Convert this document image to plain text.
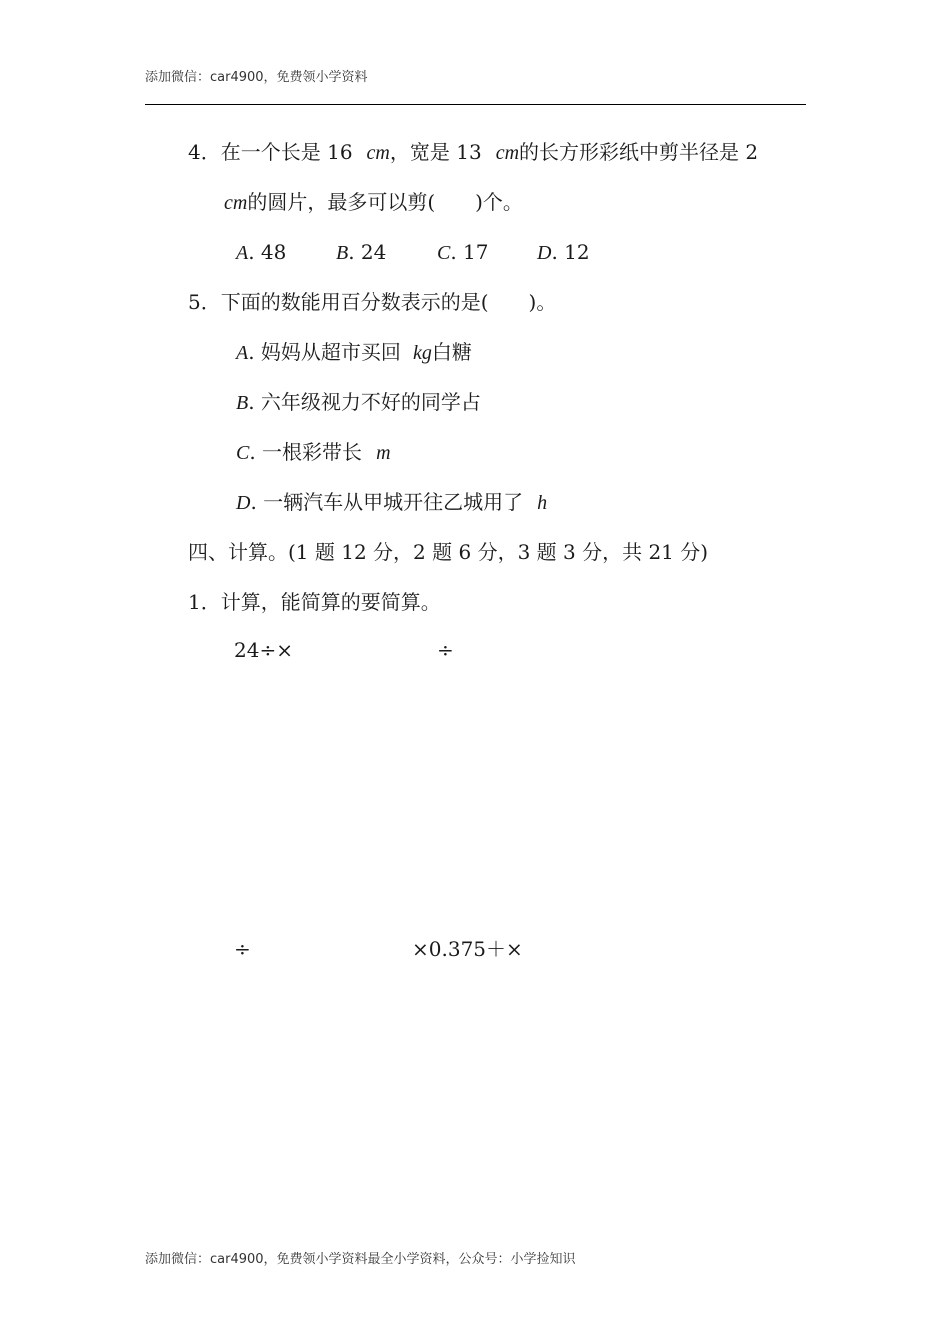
添加微信：car4900，免费领小学资料
4．在一个长是 16 cm，宽是 13 cm的长方形彩纸中剪半径是 2
cm的圆片，最多可以剪(　　)个。
A. 48 B. 24	C. 17 D. 12
5．下面的数能用百分数表示的是(　　)。
A. 妈妈从超市买回 kg白糖
B. 六年级视力不好的同学占
C. 一根彩带长 m
D. 一辆汽车从甲城开往乙城用了 h
四、计算。(1 题 12 分，2 题 6 分，3 题 3 分，共 21 分)
1．计算，能简算的要简算。
24÷×	÷
÷	×0.375＋×
添加微信：car4900，免费领小学资料最全小学资料，公众号：小学捡知识
